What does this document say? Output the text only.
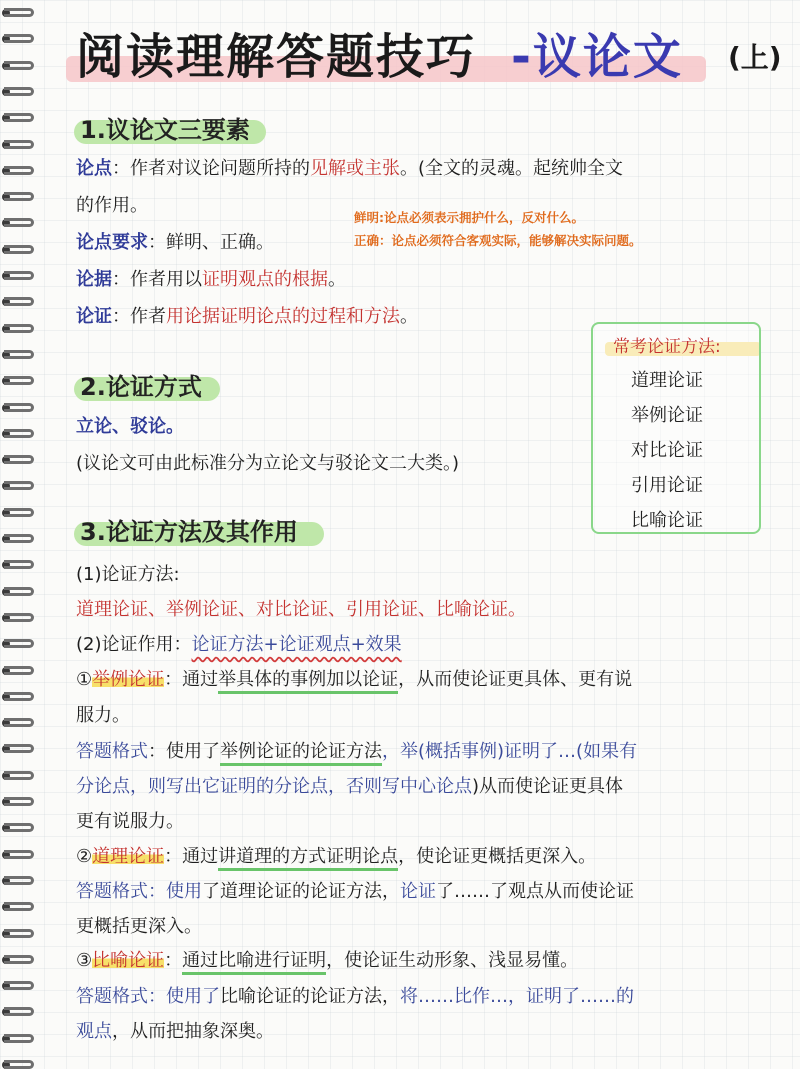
阅读理解答题技巧 -议论文 (上)
1.议论文三要素
论点：作者对议论问题所持的见解或主张。(全文的灵魂。起统帅全文
的作用。
鲜明:论点必须表示拥护什么，反对什么。
正确：论点必须符合客观实际，能够解决实际问题。
论点要求：鲜明、正确。
论据：作者用以证明观点的根据。
论证：作者用论据证明论点的过程和方法。
常考论证方法:
道理论证
举例论证
对比论证
引用论证
比喻论证
2.论证方式
立论、驳论。
(议论文可由此标准分为立论文与驳论文二大类。)
3.论证方法及其作用
(1)论证方法:
道理论证、举例论证、对比论证、引用论证、比喻论证。
(2)论证作用：论证方法+论证观点+效果
①举例论证：通过举具体的事例加以论证，从而使论证更具体、更有说
服力。
答题格式：使用了举例论证的论证方法，举(概括事例)证明了…(如果有
分论点，则写出它证明的分论点，否则写中心论点)从而使论证更具体
更有说服力。
②道理论证：通过讲道理的方式证明论点，使论证更概括更深入。
答题格式：使用了道理论证的论证方法，论证了……了观点从而使论证
更概括更深入。
③比喻论证：通过比喻进行证明，使论证生动形象、浅显易懂。
答题格式：使用了比喻论证的论证方法，将……比作…，证明了……的
观点，从而把抽象深奥。
